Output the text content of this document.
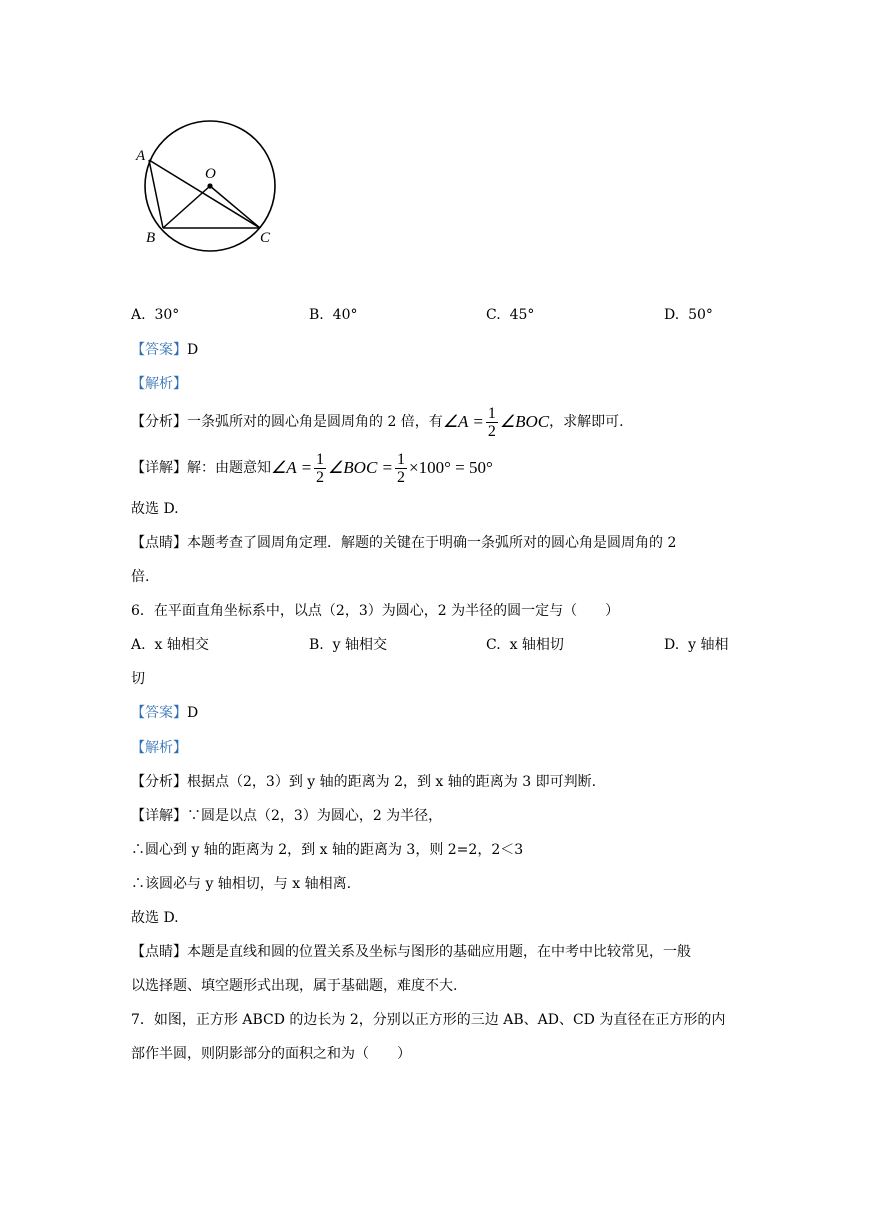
A
O
B	C
A. 30°	B. 40°	C. 45°	D. 50°
【答案】D
【解析】
【分析】 一条弧所对的圆心角是圆周角的 2 倍，有 ∠A = $\frac{1}{2}$ ∠BOC ，求解即可.
【详解】 解：由题意知 ∠A = $\frac{1}{2}$ ∠BOC = $\frac{1}{2} \times 100^\circ = 50^\circ$
故选 D.
【点睛】本题考查了圆周角定理．解题的关键在于明确一条弧所对的圆心角是圆周角的 2
倍.
6．在平面直角坐标系中，以点（2，3）为圆心，2 为半径的圆一定与（　　）
A. x 轴相交	B. y 轴相交	C. x 轴相切	D. y 轴相
切
【答案】D
【解析】
【分析】根据点（2，3）到 y 轴的距离为 2，到 x 轴的距离为 3 即可判断.
【详解】∵圆是以点（2，3）为圆心，2 为半径，
∴圆心到 y 轴的距离为 2，到 x 轴的距离为 3，则 2=2，2＜3
∴该圆必与 y 轴相切，与 x 轴相离.
故选 D.
【点睛】本题是直线和圆的位置关系及坐标与图形的基础应用题，在中考中比较常见，一般
以选择题、填空题形式出现，属于基础题，难度不大.
7．如图，正方形 ABCD 的边长为 2，分别以正方形的三边 AB、AD、CD 为直径在正方形的内
部作半圆，则阴影部分的面积之和为（　　）
